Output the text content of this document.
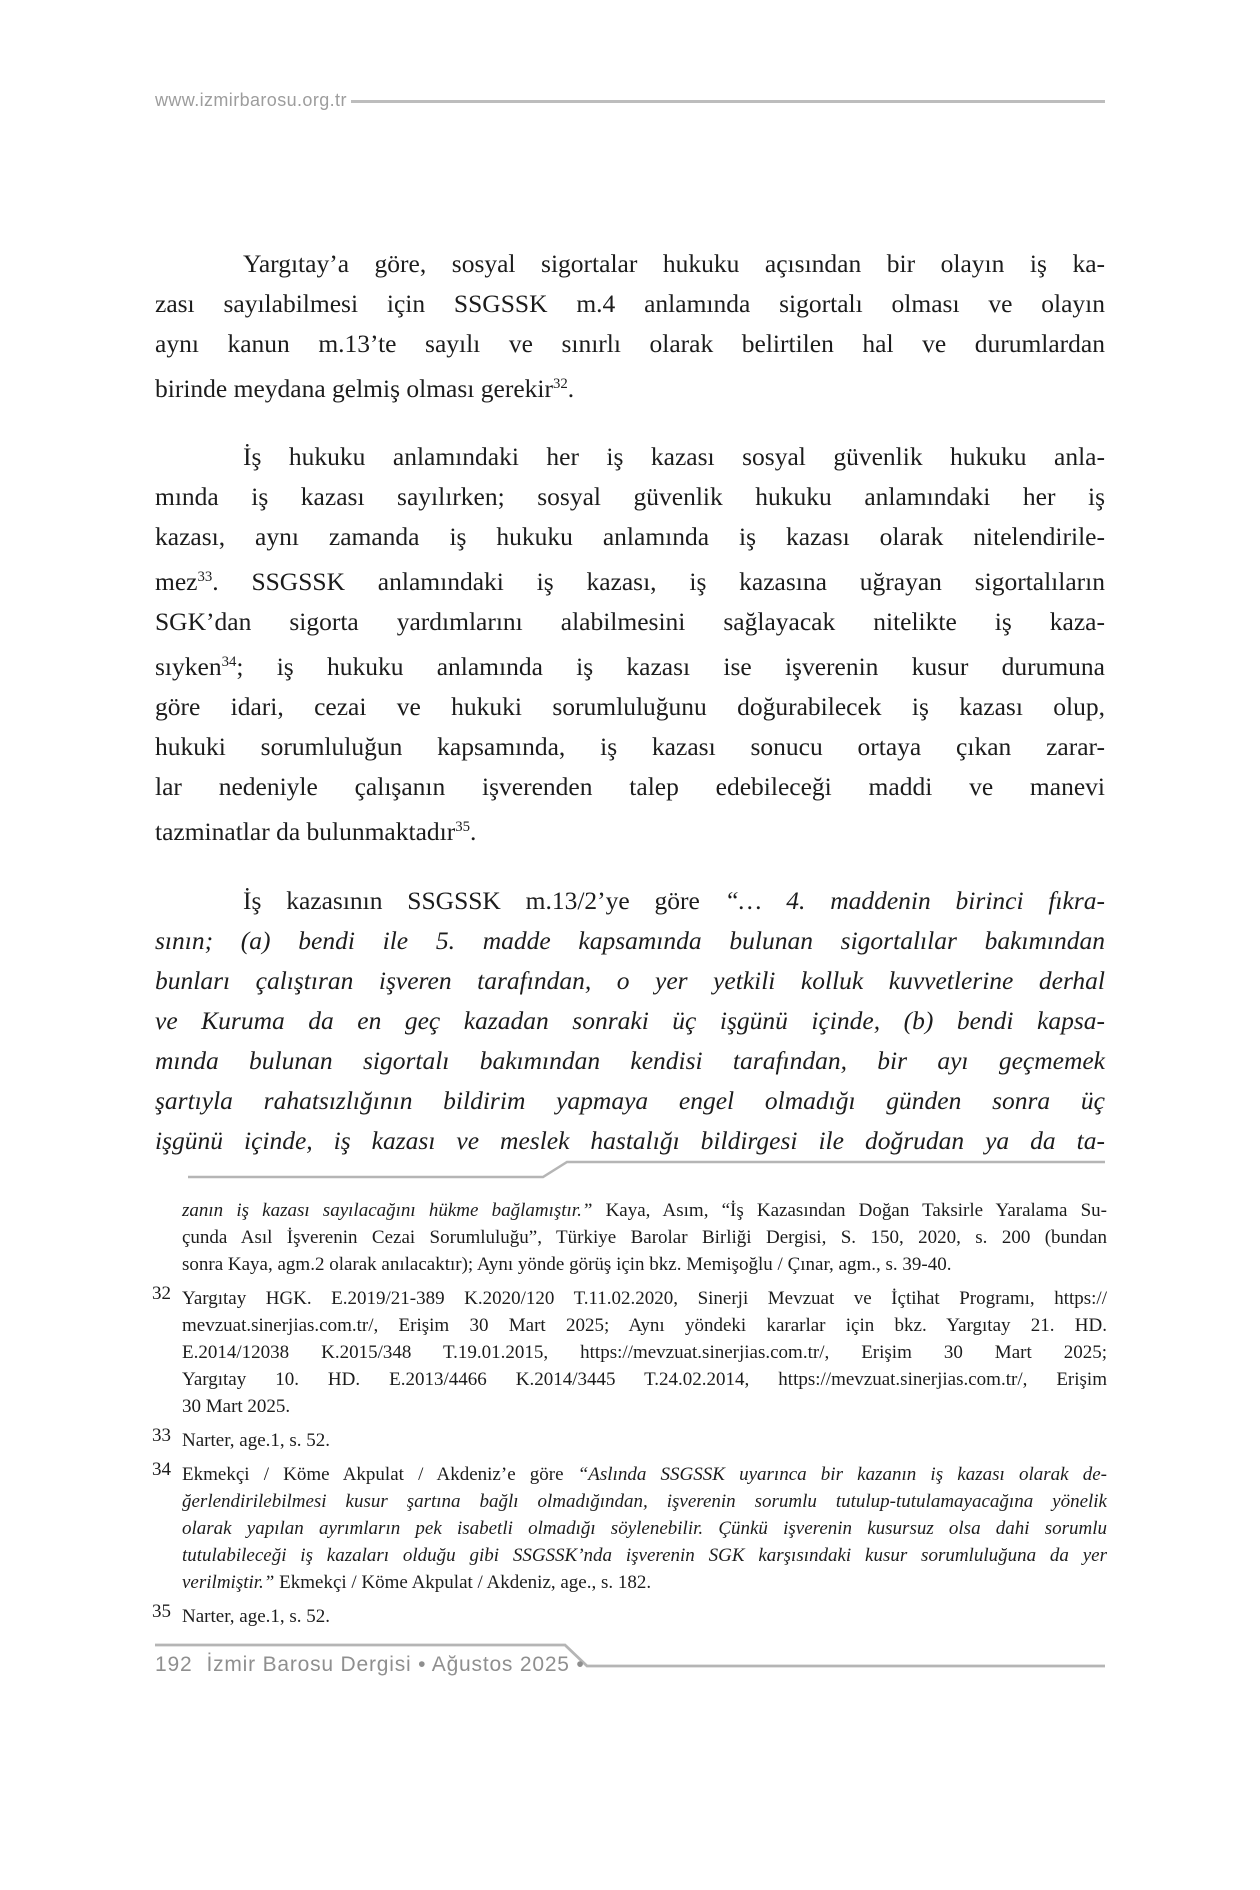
www.izmirbarosu.org.tr
Yargıtay’a göre, sosyal sigortalar hukuku açısından bir olayın iş ka-
zası sayılabilmesi için SSGSSK m.4 anlamında sigortalı olması ve olayın
aynı kanun m.13’te sayılı ve sınırlı olarak belirtilen hal ve durumlardan
birinde meydana gelmiş olması gerekir$^{32}$.
İş hukuku anlamındaki her iş kazası sosyal güvenlik hukuku anla-
mında iş kazası sayılırken; sosyal güvenlik hukuku anlamındaki her iş
kazası, aynı zamanda iş hukuku anlamında iş kazası olarak nitelendirile-
mez$^{33}$. SSGSSK anlamındaki iş kazası, iş kazasına uğrayan sigortalıların
SGK’dan sigorta yardımlarını alabilmesini sağlayacak nitelikte iş kaza-
sıyken$^{34}$; iş hukuku anlamında iş kazası ise işverenin kusur durumuna
göre idari, cezai ve hukuki sorumluluğunu doğurabilecek iş kazası olup,
hukuki sorumluluğun kapsamında, iş kazası sonucu ortaya çıkan zarar-
lar nedeniyle çalışanın işverenden talep edebileceği maddi ve manevi
tazminatlar da bulunmaktadır$^{35}$.
İş kazasının SSGSSK m.13/2’ye göre “… 4. maddenin birinci fıkra-
sının; (a) bendi ile 5. madde kapsamında bulunan sigortalılar bakımından
bunları çalıştıran işveren tarafından, o yer yetkili kolluk kuvvetlerine derhal
ve Kuruma da en geç kazadan sonraki üç işgünü içinde, (b) bendi kapsa-
mında bulunan sigortalı bakımından kendisi tarafından, bir ayı geçmemek
şartıyla rahatsızlığının bildirim yapmaya engel olmadığı günden sonra üç
işgünü içinde, iş kazası ve meslek hastalığı bildirgesi ile doğrudan ya da ta-
zanın iş kazası sayılacağını hükme bağlamıştır.” Kaya, Asım, “İş Kazasından Doğan Taksirle Yaralama Su-
çunda Asıl İşverenin Cezai Sorumluluğu”, Türkiye Barolar Birliği Dergisi, S. 150, 2020, s. 200 (bundan
sonra Kaya, agm.2 olarak anılacaktır); Aynı yönde görüş için bkz. Memişoğlu / Çınar, agm., s. 39-40.
32 Yargıtay HGK. E.2019/21-389 K.2020/120 T.11.02.2020, Sinerji Mevzuat ve İçtihat Programı, https://
mevzuat.sinerjias.com.tr/, Erişim 30 Mart 2025; Aynı yöndeki kararlar için bkz. Yargıtay 21. HD.
E.2014/12038 K.2015/348 T.19.01.2015, https://mevzuat.sinerjias.com.tr/, Erişim 30 Mart 2025;
Yargıtay 10. HD. E.2013/4466 K.2014/3445 T.24.02.2014, https://mevzuat.sinerjias.com.tr/, Erişim
30 Mart 2025.
33 Narter, age.1, s. 52.
34 Ekmekçi / Köme Akpulat / Akdeniz’e göre “Aslında SSGSSK uyarınca bir kazanın iş kazası olarak de-
ğerlendirilebilmesi kusur şartına bağlı olmadığından, işverenin sorumlu tutulup-tutulamayacağına yönelik
olarak yapılan ayrımların pek isabetli olmadığı söylenebilir. Çünkü işverenin kusursuz olsa dahi sorumlu
tutulabileceği iş kazaları olduğu gibi SSGSSK’nda işverenin SGK karşısındaki kusur sorumluluğuna da yer
verilmiştir.” Ekmekçi / Köme Akpulat / Akdeniz, age., s. 182.
35 Narter, age.1, s. 52.
192 İzmir Barosu Dergisi • Ağustos 2025 •
